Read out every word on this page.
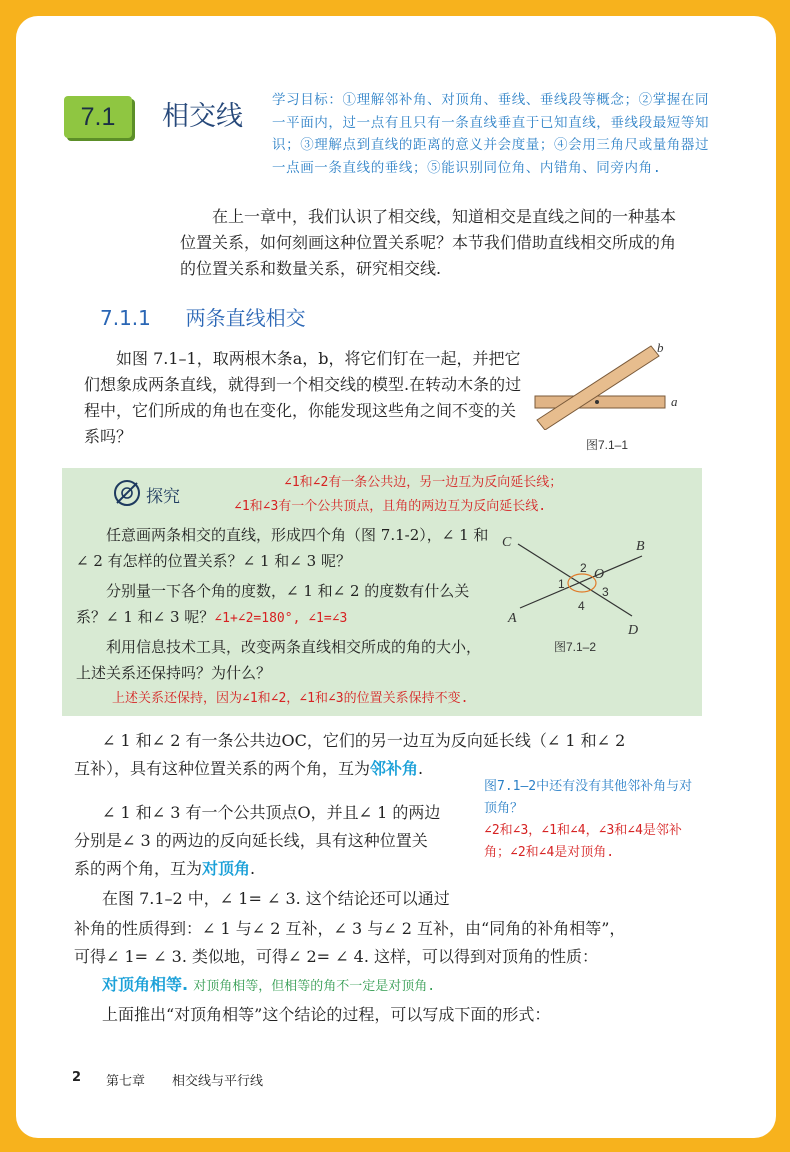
7.1	相交线
学习目标：①理解邻补角、对顶角、垂线、垂线段等概念；②掌握在同一平面内，过一点有且只有一条直线垂直于已知直线，垂线段最短等知识；③理解点到直线的距离的意义并会度量；④会用三角尺或量角器过一点画一条直线的垂线；⑤能识别同位角、内错角、同旁内角.
在上一章中，我们认识了相交线，知道相交是直线之间的一种基本位置关系，如何刻画这种位置关系呢？本节我们借助直线相交所成的角的位置关系和数量关系，研究相交线.
7.1.1 两条直线相交
如图 7.1–1，取两根木条a，b，将它们钉在一起，并把它们想象成两条直线，就得到一个相交线的模型.在转动木条的过程中，它们所成的角也在变化，你能发现这些角之间不变的关系吗？
a
b
图7.1–1
探究
∠1和∠2有一条公共边，另一边互为反向延长线；
∠1和∠3有一个公共顶点，且角的两边互为反向延长线.
任意画两条相交的直线，形成四个角（图 7.1-2），∠ 1 和∠ 2 有怎样的位置关系？∠ 1 和∠ 3 呢？
分别量一下各个角的度数，∠ 1 和∠ 2 的度数有什么关系？∠ 1 和∠ 3 呢？∠1+∠2=180°, ∠1=∠3
利用信息技术工具，改变两条直线相交所成的角的大小，上述关系还保持吗？为什么？
上述关系还保持，因为∠1和∠2，∠1和∠3的位置关系保持不变.
C	B
A
D
O
1
2
3
4
图7.1–2
∠ 1 和∠ 2 有一条公共边OC，它们的另一边互为反向延长线（∠ 1 和∠ 2
互补），具有这种位置关系的两个角，互为邻补角.
∠ 1 和∠ 3 有一个公共顶点O，并且∠ 1 的两边
分别是∠ 3 的两边的反向延长线，具有这种位置关
系的两个角，互为对顶角.
在图 7.1–2 中，∠ 1= ∠ 3. 这个结论还可以通过
补角的性质得到：∠ 1 与∠ 2 互补，∠ 3 与∠ 2 互补，由“同角的补角相等”，
可得∠ 1= ∠ 3. 类似地，可得∠ 2= ∠ 4. 这样，可以得到对顶角的性质：
对顶角相等. 对顶角相等，但相等的角不一定是对顶角.
上面推出“对顶角相等”这个结论的过程，可以写成下面的形式：
图7.1–2中还有没有其他邻补角与对顶角？
∠2和∠3，∠1和∠4，∠3和∠4是邻补角；∠2和∠4是对顶角.
2 第七章 相交线与平行线
